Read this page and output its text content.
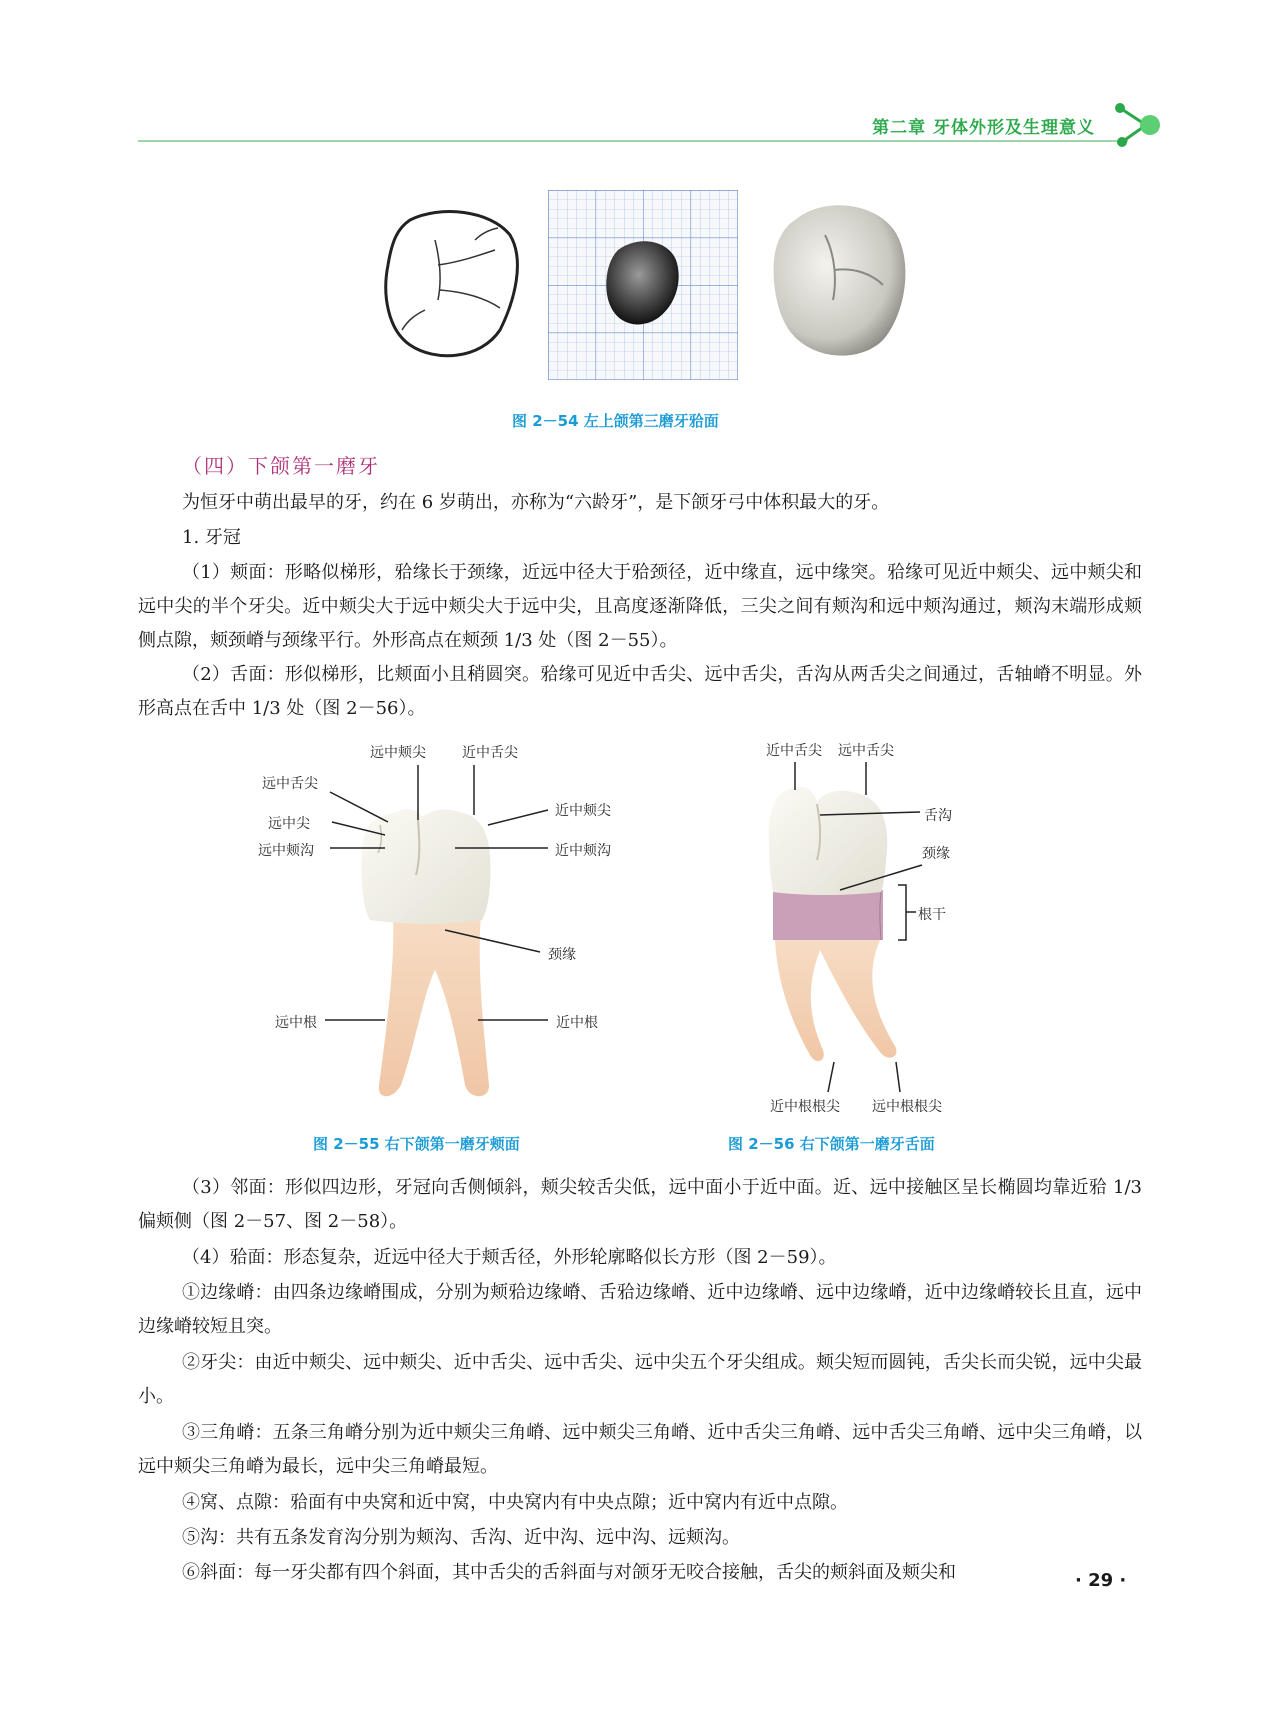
第二章 牙体外形及生理意义
图 2－54 左上颌第三磨牙𬌗面
（四）下颌第一磨牙

为恒牙中萌出最早的牙，约在 6 岁萌出，亦称为“六龄牙”，是下颌牙弓中体积最大的牙。

1. 牙冠

（1）颊面：形略似梯形，𬌗缘长于颈缘，近远中径大于𬌗颈径，近中缘直，远中缘突。𬌗缘可见近中颊尖、远中颊尖和远中尖的半个牙尖。近中颊尖大于远中颊尖大于远中尖，且高度逐渐降低，三尖之间有颊沟和远中颊沟通过，颊沟末端形成颊侧点隙，颊颈嵴与颈缘平行。外形高点在颊颈 1/3 处（图 2－55）。

（2）舌面：形似梯形，比颊面小且稍圆突。𬌗缘可见近中舌尖、远中舌尖，舌沟从两舌尖之间通过，舌轴嵴不明显。外形高点在舌中 1/3 处（图 2－56）。

远中颊尖	近中舌尖
远中舌尖
近中颊尖
远中尖
远中颊沟	近中颊沟
颈缘
远中根	近中根
图 2－55 右下颌第一磨牙颊面
近中舌尖 远中舌尖
舌沟
颈缘
根干
近中根根尖 远中根根尖
图 2－56 右下颌第一磨牙舌面

（3）邻面：形似四边形，牙冠向舌侧倾斜，颊尖较舌尖低，远中面小于近中面。近、远中接触区呈长椭圆均靠近𬌗 1/3 偏颊侧（图 2－57、图 2－58）。

（4）𬌗面：形态复杂，近远中径大于颊舌径，外形轮廓略似长方形（图 2－59）。

①边缘嵴：由四条边缘嵴围成，分别为颊𬌗边缘嵴、舌𬌗边缘嵴、近中边缘嵴、远中边缘嵴，近中边缘嵴较长且直，远中边缘嵴较短且突。

②牙尖：由近中颊尖、远中颊尖、近中舌尖、远中舌尖、远中尖五个牙尖组成。颊尖短而圆钝，舌尖长而尖锐，远中尖最小。

③三角嵴：五条三角嵴分别为近中颊尖三角嵴、远中颊尖三角嵴、近中舌尖三角嵴、远中舌尖三角嵴、远中尖三角嵴，以远中颊尖三角嵴为最长，远中尖三角嵴最短。

④窝、点隙：𬌗面有中央窝和近中窝，中央窝内有中央点隙；近中窝内有近中点隙。

⑤沟：共有五条发育沟分别为颊沟、舌沟、近中沟、远中沟、远颊沟。

⑥斜面：每一牙尖都有四个斜面，其中舌尖的舌斜面与对颌牙无咬合接触，舌尖的颊斜面及颊尖和	· 29 ·
